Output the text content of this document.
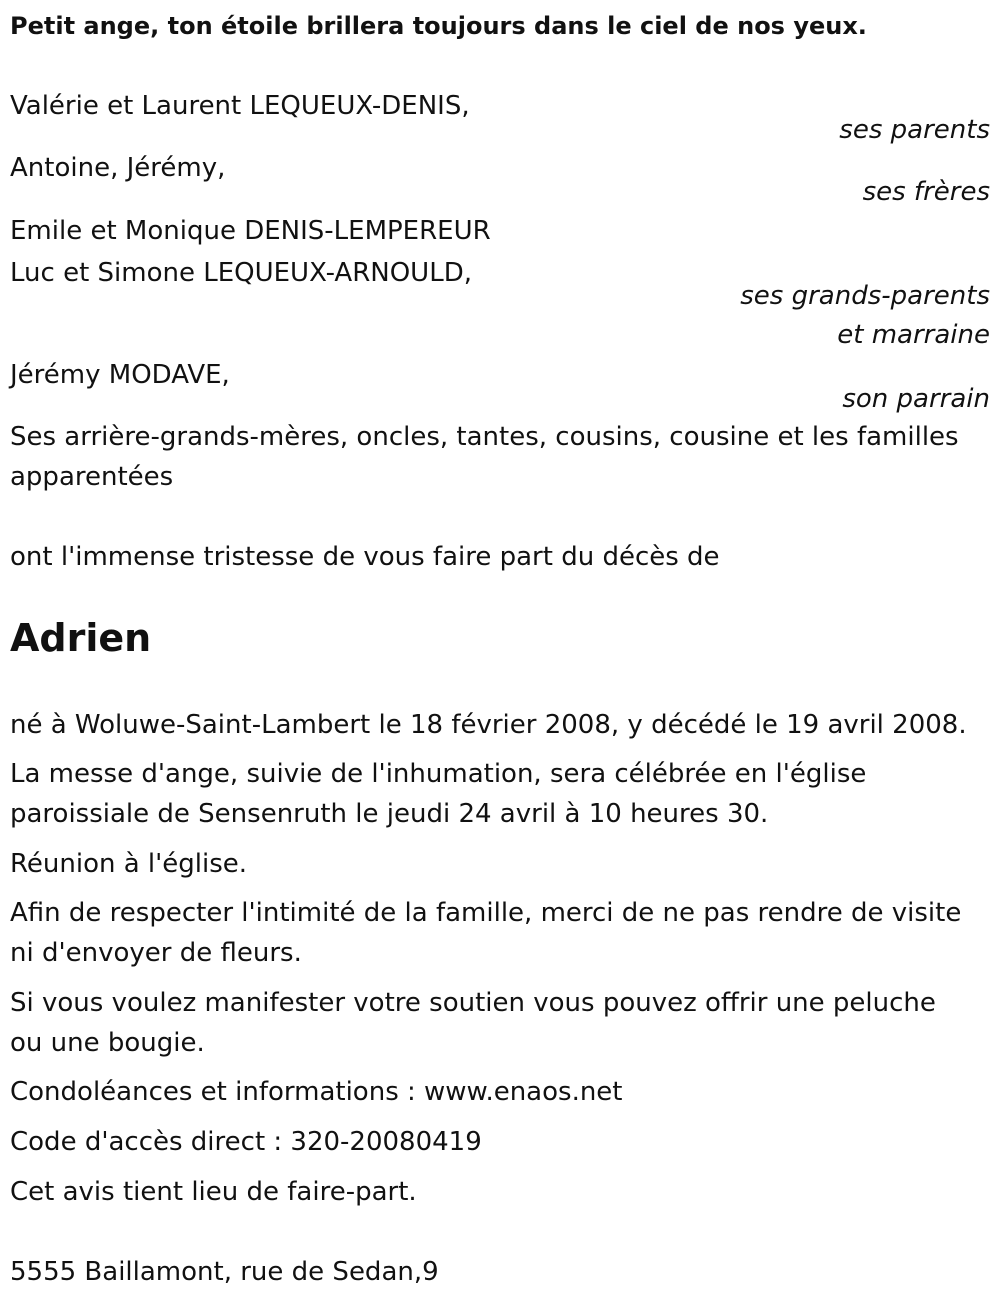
Petit ange, ton étoile brillera toujours dans le ciel de nos yeux.

Valérie et Laurent LEQUEUX-DENIS,

ses parents

Antoine, Jérémy,

ses frères

Emile et Monique DENIS-LEMPEREUR

Luc et Simone LEQUEUX-ARNOULD,

ses grands-parents

et marraine

Jérémy MODAVE,

son parrain

Ses arrière-grands-mères, oncles, tantes, cousins, cousine et les familles

apparentées

ont l'immense tristesse de vous faire part du décès de

Adrien

né à Woluwe-Saint-Lambert le 18 février 2008, y décédé le 19 avril 2008.

La messe d'ange, suivie de l'inhumation, sera célébrée en l'église

paroissiale de Sensenruth le jeudi 24 avril à 10 heures 30.

Réunion à l'église.

Afin de respecter l'intimité de la famille, merci de ne pas rendre de visite

ni d'envoyer de fleurs.

Si vous voulez manifester votre soutien vous pouvez offrir une peluche

ou une bougie.

Condoléances et informations : www.enaos.net

Code d'accès direct : 320-20080419

Cet avis tient lieu de faire-part.

5555 Baillamont, rue de Sedan,9
